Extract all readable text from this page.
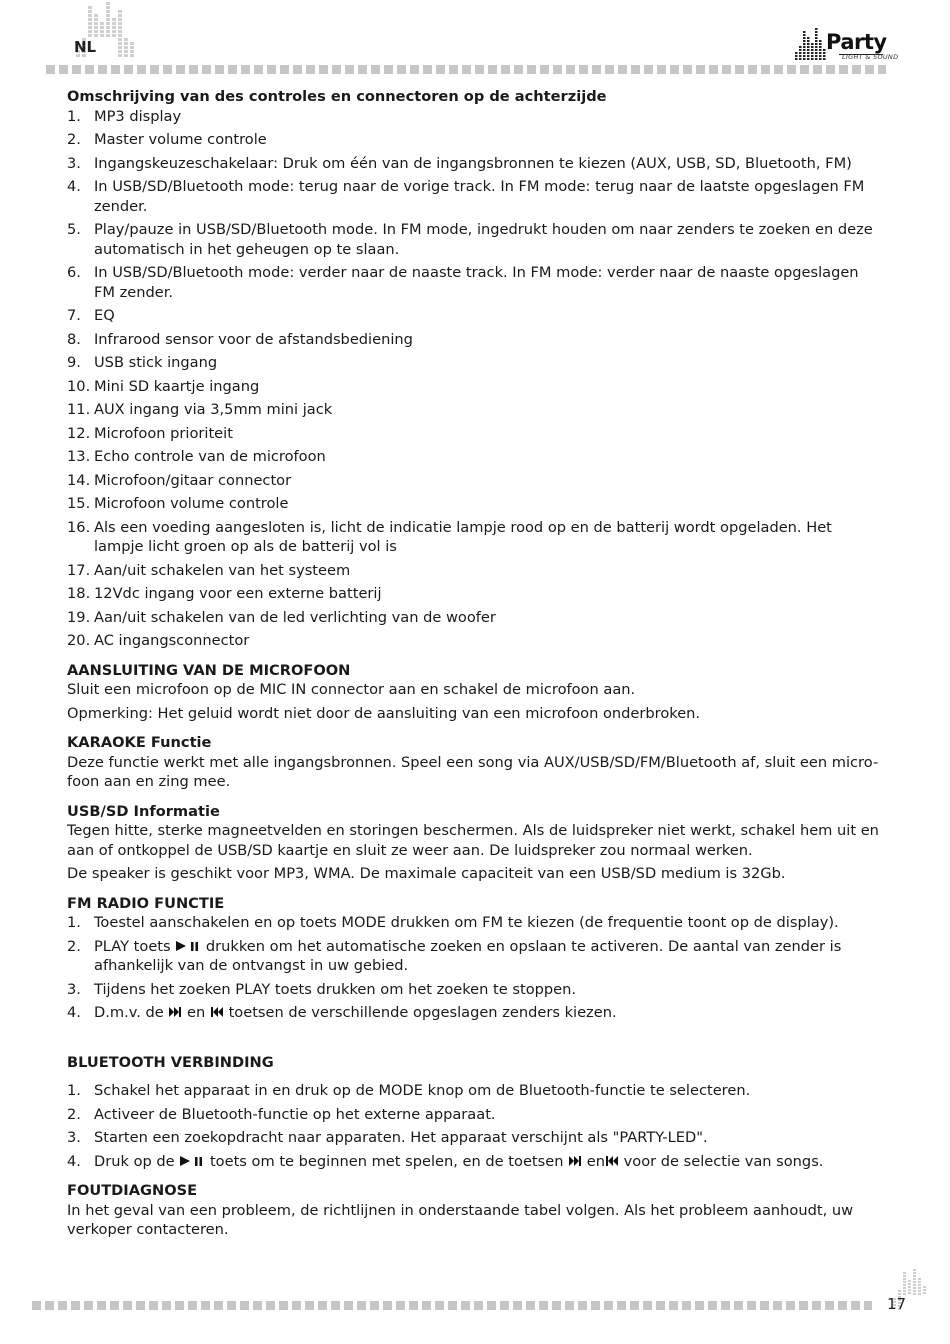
NL	Party
LIGHT & SOUND
Omschrijving van des controles en connectoren op de achterzijde
1. MP3 display
2. Master volume controle
3. Ingangskeuzeschakelaar: Druk om één van de ingangsbronnen te kiezen (AUX, USB, SD, Bluetooth, FM)
4. In USB/SD/Bluetooth mode: terug naar de vorige track. In FM mode: terug naar de laatste opgeslagen FM zender.
5. Play/pauze in USB/SD/Bluetooth mode. In FM mode, ingedrukt houden om naar zenders te zoeken en deze automatisch in het geheugen op te slaan.
6. In USB/SD/Bluetooth mode: verder naar de naaste track. In FM mode: verder naar de naaste opgeslagen FM zender.
7. EQ
8. Infrarood sensor voor de afstandsbediening
9. USB stick ingang
10. Mini SD kaartje ingang
11. AUX ingang via 3,5mm mini jack
12. Microfoon prioriteit
13. Echo controle van de microfoon
14. Microfoon/gitaar connector
15. Microfoon volume controle
16. Als een voeding aangesloten is, licht de indicatie lampje rood op en de batterij wordt opgeladen. Het lampje licht groen op als de batterij vol is
17. Aan/uit schakelen van het systeem
18. 12Vdc ingang voor een externe batterij
19. Aan/uit schakelen van de led verlichting van de woofer
20. AC ingangsconnector
AANSLUITING VAN DE MICROFOON

Sluit een microfoon op de MIC IN connector aan en schakel de microfoon aan.

Opmerking: Het geluid wordt niet door de aansluiting van een microfoon onderbroken.

KARAOKE Functie

Deze functie werkt met alle ingangsbronnen. Speel een song via AUX/USB/SD/FM/Bluetooth af, sluit een micro-foon aan en zing mee.

USB/SD Informatie

Tegen hitte, sterke magneetvelden en storingen beschermen. Als de luidspreker niet werkt, schakel hem uit en aan of ontkoppel de USB/SD kaartje en sluit ze weer aan. De luidspreker zou normaal werken.

De speaker is geschikt voor MP3, WMA. De maximale capaciteit van een USB/SD medium is 32Gb.

FM RADIO FUNCTIE
1. Toestel aanschakelen en op toets MODE drukken om FM te kiezen (de frequentie toont op de display).
2. PLAY toets drukken om het automatische zoeken en opslaan te activeren. De aantal van zender is afhankelijk van de ontvangst in uw gebied.
3. Tijdens het zoeken PLAY toets drukken om het zoeken te stoppen.
4. D.m.v. de en toetsen de verschillende opgeslagen zenders kiezen.
BLUETOOTH VERBINDING
1. Schakel het apparaat in en druk op de MODE knop om de Bluetooth-functie te selecteren.
2. Activeer de Bluetooth-functie op het externe apparaat.
3. Starten een zoekopdracht naar apparaten. Het apparaat verschijnt als "PARTY-LED".
4. Druk op de toets om te beginnen met spelen, en de toetsen en voor de selectie van songs.
FOUTDIAGNOSE

In het geval van een probleem, de richtlijnen in onderstaande tabel volgen. Als het probleem aanhoudt, uw verkoper contacteren.

17
